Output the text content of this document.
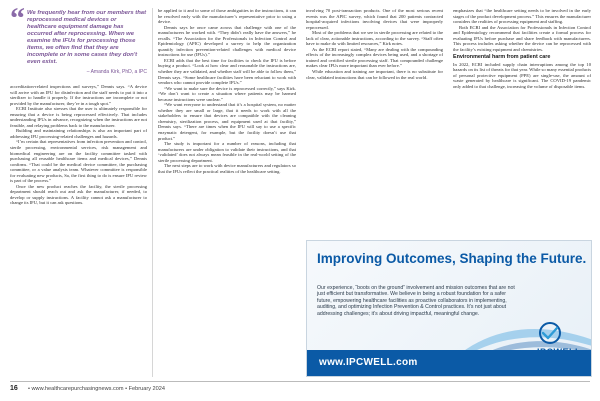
“ We frequently hear from our members that reprocessed medical devices or healthcare equipment damage has occurred after reprocessing. When we examine the IFUs for processing those items, we often find that they are incomplete or in some cases they don't even exist.
– Amanda Kirk, PhD, a IPC

accreditation-related inspections and surveys,” Dennis says. “A device will arrive with an IFU for disinfection and the staff needs to put it into a sterilizer to handle it properly. If the instructions are incomplete or not provided by the manufacturer, they’re in a tough spot.”

ECRI Institute also stresses that the user is ultimately responsible for ensuring that a device is being reprocessed effectively. That includes understanding IFUs in advance, recognizing when the instructions are not feasible, and relaying problems back to the manufacturer.

Building and maintaining relationships is also an important part of addressing IFU processing-related challenges and hazards.

“I’m certain that representatives from infection prevention and control, sterile processing, environmental services, risk management and biomedical engineering are on the facility committee tasked with purchasing all reusable healthcare items and medical devices,” Dennis confirms. “That could be the medical device committee, the purchasing committee, or a value analysis team. Whatever committee is responsible for evaluating new products, Sa, the first thing to do is ensure IFU review is part of the process.”

Once the new product reaches the facility, the sterile processing department should reach out and ask the manufacturer, if needed, to develop or supply instructions. A facility cannot ask a manufacturer to change its IFU, but it can ask questions.

be applied to it and to some of those ambiguities in the instructions, it can be resolved early with the manufacturer’s representative prior to using a device.

Dennis says he once came across that challenge with one of the manufacturers he worked with. “They didn’t really have the answers,” he recalls. “The Association for the Professionals in Infection Control and Epidemiology (APIC) developed a survey to help the organization quantify infection prevention-related challenges with medical device instructions for use (IFUs).”

ECRI adds that the best time for facilities to check the IFU is before buying a product. “Look at how clear and reasonable the instructions are, whether they are validated, and whether staff will be able to follow them,” Dennis says. “Some healthcare facilities have been reluctant to work with vendors who cannot provide complete IFUs.”

“We want to make sure the device is reprocessed correctly,” says Kirk. “We don’t want to create a situation where patients may be harmed because instructions were unclear.”

“We want everyone to understand that it’s a hospital system, no matter whether they are small or large, that it needs to work with all the stakeholders to ensure that devices are compatible with the cleaning chemistry, sterilization process, and equipment used at that facility,” Dennis says. “There are times when the IFU will say to use a specific enzymatic detergent, for example, but the facility doesn’t use that product.”

The study is important for a number of reasons, including that manufacturers are under obligation to validate their instructions, and that ‘validated’ does not always mean feasible in the real-world setting of the sterile processing department.

The next steps are to work with device manufacturers and regulators so that the IFUs reflect the practical realities of the healthcare setting.

involving 70 post-transaction products. One of the most serious recent events was the APIC survey, which found that 200 patients contracted hospital-acquired infections involving devices that were improperly reprocessed.

Most of the problems that we see in sterile processing are related to the lack of clear, actionable instructions, according to the survey. “Staff often have to make do with limited resources,” Kirk notes.

As the ECRI report stated, “Many are dealing with the compounding effects of the increasingly complex devices being used, and a shortage of trained and certified sterile processing staff. That compounded challenge makes clear IFUs more important than ever before.”

While education and training are important, there is no substitute for clear, validated instructions that can be followed in the real world.

emphasizes that “the healthcare setting needs to be involved in the early stages of the product development process.” This ensures the manufacturer considers the realities of processing equipment and staffing.

Both ECRI and the Association for Professionals in Infection Control and Epidemiology recommend that facilities create a formal process for evaluating IFUs before purchase and share feedback with manufacturers. This process includes asking whether the device can be reprocessed with the facility’s existing equipment and chemistries.

Environmental harm from patient care

In 2022, ECRI included supply chain interruptions among the top 10 hazards on its list of threats for that year. While so many essential products of personal protective equipment (PPE) are single-use, the amount of waste generated by healthcare is significant. The COVID-19 pandemic only added to that challenge, increasing the volume of disposable items.

Improving Outcomes, Shaping the Future.
Our experience, “boots on the ground” involvement and mission outcomes that are not just efficient but transformative. We believe in being a robust foundation for a safer future, empowering healthcare facilities as proactive collaborators in implementing, auditing, and optimizing Infection Prevention & Control practices. It’s not just about addressing challenges; it’s about driving impactful, meaningful change.
www.IPCWELL.com
16 • www.healthcarepurchasingnews.com • February 2024
